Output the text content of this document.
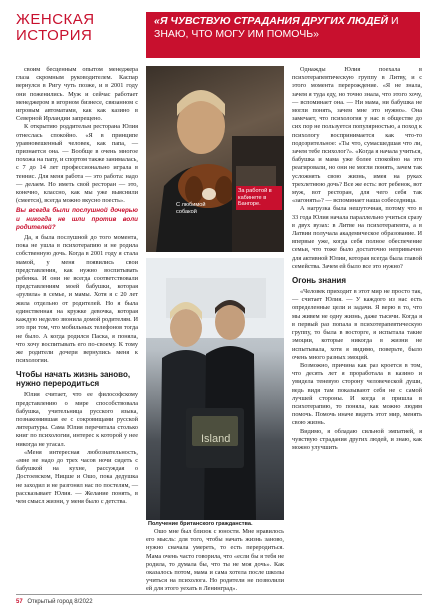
ЖЕНСКАЯ
ИСТОРИЯ
«Я ЧУВСТВУЮ СТРАДАНИЯ ДРУГИХ ЛЮДЕЙ И ЗНАЮ, ЧТО МОГУ ИМ ПОМОЧЬ»

своим бесценным опытом менеджера глаза скромным руководителем. Каспар вернулся в Ригу чуть позже, и в 2001 году они поженились. Муж и сейчас работает менеджером в игорном бизнесе, связанном с игровым автоматами, как как казино в Северной Ирландии запрещено.

К открытию роддительм ресторана Юлия отнеслась спокойно. «Я в принципе уравновешенный человек, как папа, — признается она. — Вообще в очень многое похожа на папу, и спортом также занималась, с 7 до 14 лет профессионально играла в теннис. Для меня работа — это работа: надо — делаем. Но иметь свой ресторан — это, конечно, классно, как мы уже выяснили (смеется), всегда можно вкусно поесть».

Вы всегда были послушной дочерью и никогда не шли против воли родителей?

Да, я была послушной до того момента, пока не ушла в психотерапию и не родила собственную дочь. Когда в 2001 году я стала мамой, у меня появились свои представления, как нужно воспитывать ребенка. И они не всегда соответствовали представлениям моей бабушки, которая «рулила» в семье, и мамы. Хотя я с 20 лет жила отдельно от родителей. Но я была единственная на кружке девочка, которая каждую неделю звонила домой родителям. И это при том, что мобильных телефонов тогда не было. А когда родился Паска, я поняла, что хочу воспитывать его по-своему. К тому же родители дочери вернулись меня к психологии.

Чтобы начать жизнь заново, нужно переродиться

Юлия считает, что ее философскому представлению о мире способствовала бабушка, учительница русского языка, познакомившая ее с сокровищами русской литературы. Сама Юлия перечитала столько книг по психологии, интерес к которой у нее никогда не угасал.

«Меня интересная любознательность, «мне не надо до трех часов ночи сидеть с бабушкой на кухне, рассуждая о Достоевском, Ницше и Ошо, пока дедушка не заходил и не разгонял нас по постелям, — рассказывает Юлия. — Желание понять, в чем смысл жизни, у меня было с детства.

С любимой собакой
За работой в кабинете в Бангоре.
Island
Получение британского гражданства.

Ошо мне был близок с юности. Мне нравилось его мысль: для того, чтобы начать жизнь заново, нужно сначала умереть, то есть переродиться. Мама очень часто говорила, что «если бы я тебя не родила, то думала бы, что ты не моя дочь». Как оказалось потом, мама и сама хотела после школы учиться на психолога. Но родители не позволили ей для этого уехать в Ленинград».

Однажды Юлия поехала в психотерапевтическую группу в Литву, и с этого момента перерождение. «Я не знала, зачем я туда еду, но точно знала, что этого хочу, — вспоминает она. — Ни мама, ни бабушка не могли понять, зачем мне это нужно». Она замечает, что психология у нас в обществе до сих пор не пользуется популярностью, а поход к психологу воспринимается как что-то подозрительное: «Ты что, сумасшедшая что ли, зачем тебе психолог?». «Когда я начала учиться, бабушка и мама уже более спокойно на это реагировали, но они не могли понять, зачем так усложнять свою жизнь, имея на руках трехлетнюю дочь? Все же есть: вот ребенок, вот муж, вот ресторан, для чего себя так «загонять»? — вспоминает наша собеседница.

А нагрузка была нешуточная, потому что в 33 года Юлия начала параллельно учиться сразу в двух вузах: в Литве на психотерапевта, а в Латвии получала академическое образование. И впервые уже, когда себя полное обеспечение семьи, что тоже было достаточно непривычно для активной Юлии, которая всегда была главой семейства. Зачем ей было все это нужно?

Огонь знания

«Человек приходит в этот мир не просто так, — считает Юлия. — У каждого из нас есть определенные цели и задачи. Я верю в то, что мы живем не одну жизнь, даже тысячи. Когда я в первый раз попала в психотерапевтическую группу, то была в восторге, я испытала такие эмоции, которые никогда в жизни не испытывала, хотя я видимо, поверьте, было очень много разных эмоций.

Возможно, причина как раз кроется в том, что десять лет я проработала в казино и увидела теневую сторону человеческой души, ведь видя там показывают себя не с самой лучшей стороны. И когда я пришла в психотерапию, то поняла, как можно людям помочь. Помочь иначе видеть этот мир, менять свою жизнь.

Видимо, я обладаю сильной эмпатией, я чувствую страдания других людей, и знаю, как можно улучшить

57 Открытый город 8/2022
